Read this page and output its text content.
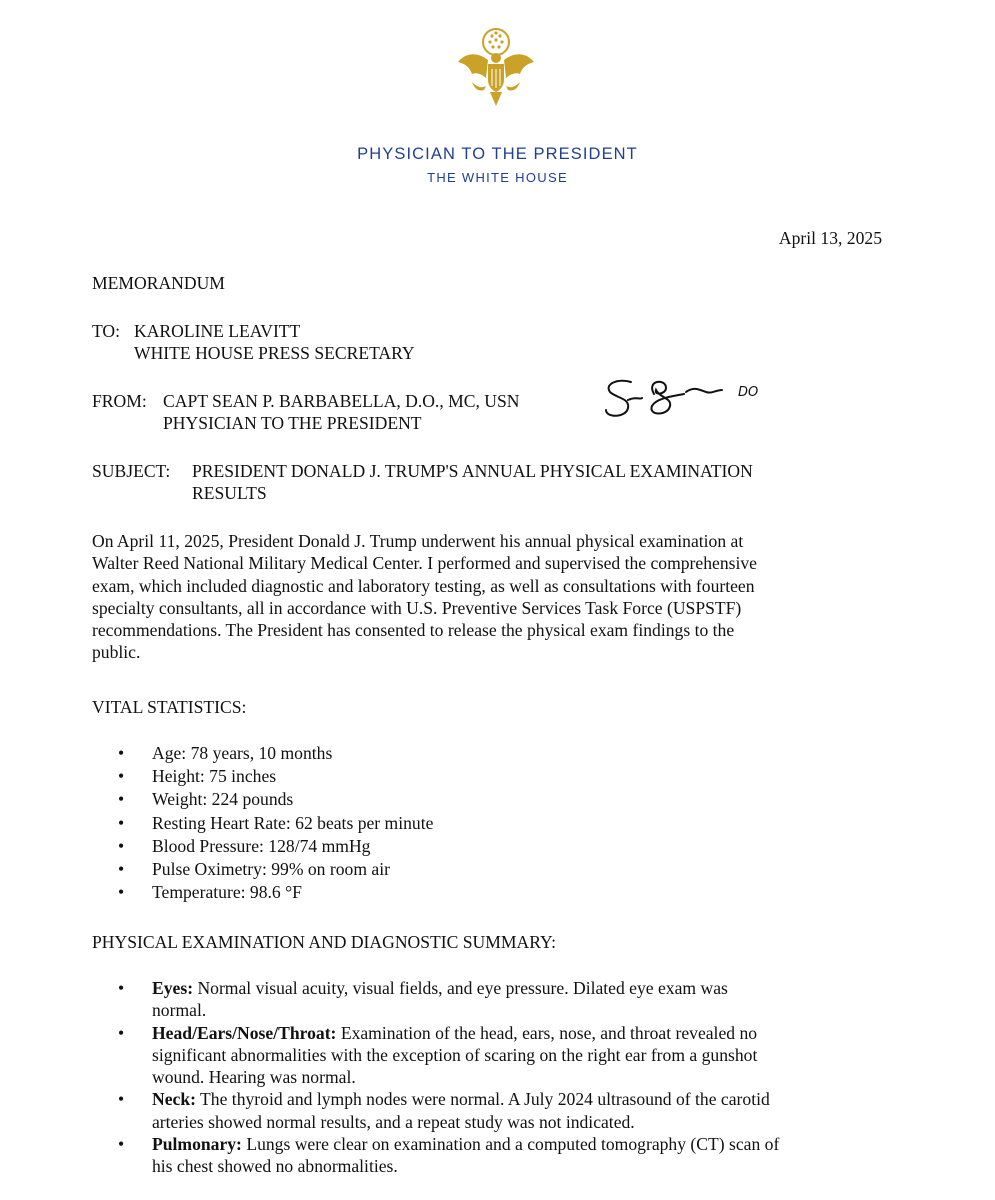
PHYSICIAN TO THE PRESIDENT
THE WHITE HOUSE
April 13, 2025
MEMORANDUM
TO: KAROLINE LEAVITT
WHITE HOUSE PRESS SECRETARY
FROM: CAPT SEAN P. BARBABELLA, D.O., MC, USN
PHYSICIAN TO THE PRESIDENT
DO
SUBJECT: PRESIDENT DONALD J. TRUMP'S ANNUAL PHYSICAL EXAMINATION
RESULTS
On April 11, 2025, President Donald J. Trump underwent his annual physical examination at
Walter Reed National Military Medical Center. I performed and supervised the comprehensive
exam, which included diagnostic and laboratory testing, as well as consultations with fourteen
specialty consultants, all in accordance with U.S. Preventive Services Task Force (USPSTF)
recommendations. The President has consented to release the physical exam findings to the
public.
VITAL STATISTICS:
• Age: 78 years, 10 months
• Height: 75 inches
• Weight: 224 pounds
• Resting Heart Rate: 62 beats per minute
• Blood Pressure: 128/74 mmHg
• Pulse Oximetry: 99% on room air
• Temperature: 98.6 °F
PHYSICAL EXAMINATION AND DIAGNOSTIC SUMMARY:
• Eyes: Normal visual acuity, visual fields, and eye pressure. Dilated eye exam was
normal.
• Head/Ears/Nose/Throat: Examination of the head, ears, nose, and throat revealed no
significant abnormalities with the exception of scaring on the right ear from a gunshot
wound. Hearing was normal.
• Neck: The thyroid and lymph nodes were normal. A July 2024 ultrasound of the carotid
arteries showed normal results, and a repeat study was not indicated.
• Pulmonary: Lungs were clear on examination and a computed tomography (CT) scan of
his chest showed no abnormalities.
